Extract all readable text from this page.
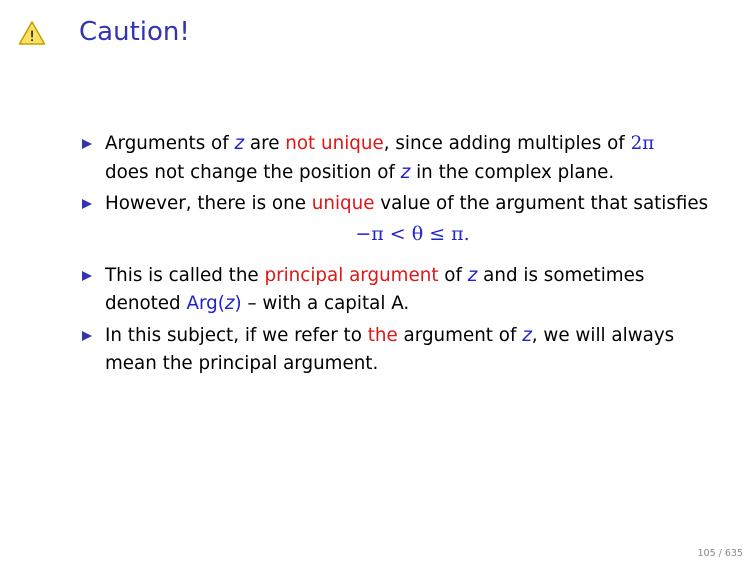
! Caution!
Arguments of z are not unique, since adding multiples of 2π
does not change the position of z in the complex plane.
However, there is one unique value of the argument that satisfies
−π < θ ≤ π.
This is called the principal argument of z and is sometimes denoted Arg(z) – with a capital A.
In this subject, if we refer to the argument of z, we will always mean the principal argument.
105 / 635
